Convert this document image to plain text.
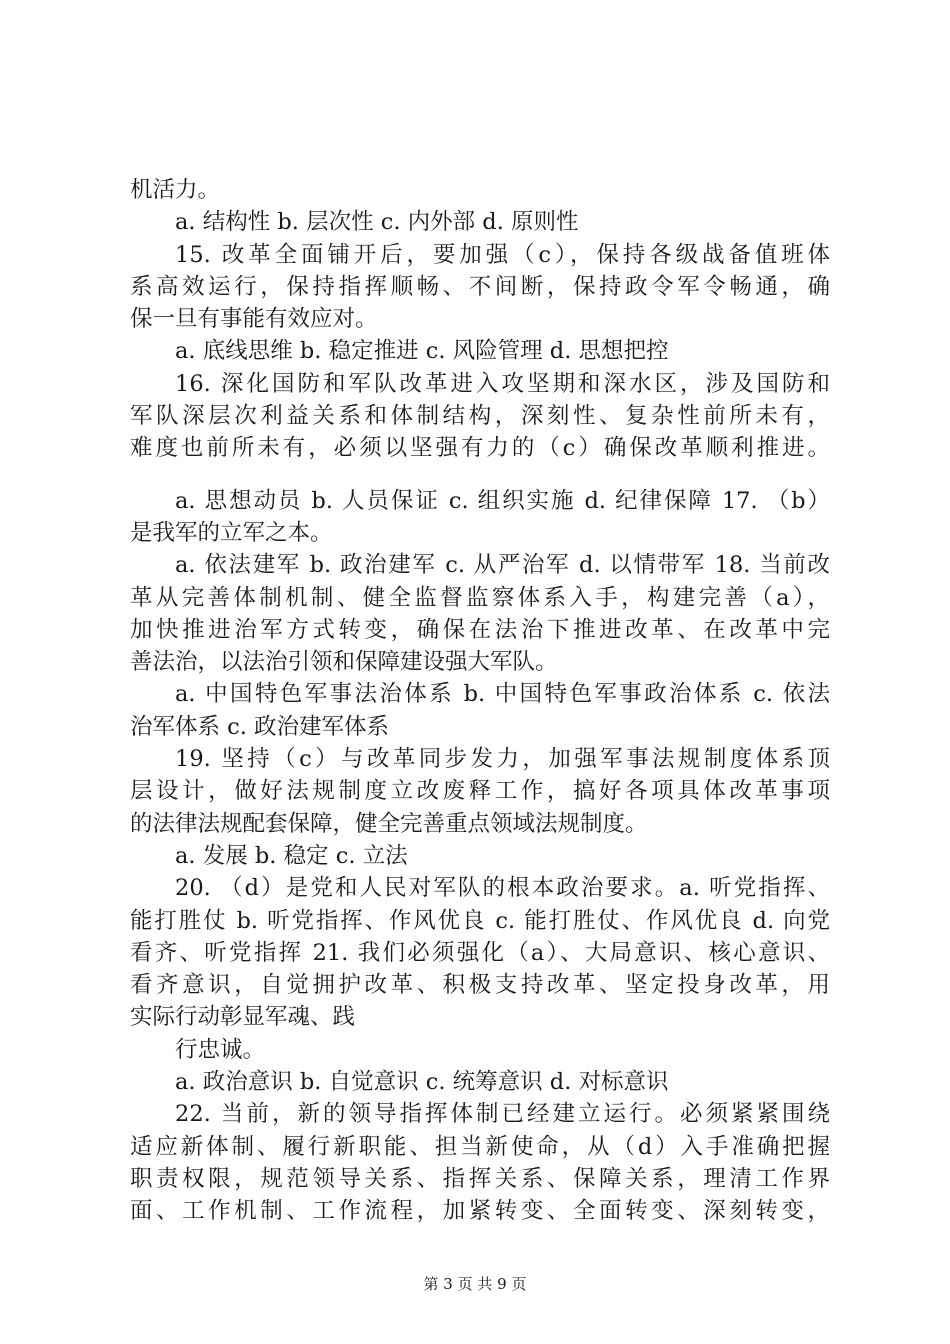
机活力。
a. 结构性 b. 层次性 c. 内外部 d. 原则性
15. 改革全面铺开后，要加强（c），保持各级战备值班体
系高效运行，保持指挥顺畅、不间断，保持政令军令畅通，确
保一旦有事能有效应对。
a. 底线思维 b. 稳定推进 c. 风险管理 d. 思想把控
16. 深化国防和军队改革进入攻坚期和深水区，涉及国防和
军队深层次利益关系和体制结构，深刻性、复杂性前所未有，
难度也前所未有，必须以坚强有力的（c）确保改革顺利推进。
a. 思想动员 b. 人员保证 c. 组织实施 d. 纪律保障 17. （b）
是我军的立军之本。
a. 依法建军 b. 政治建军 c. 从严治军 d. 以情带军 18. 当前改
革从完善体制机制、健全监督监察体系入手，构建完善（a），
加快推进治军方式转变，确保在法治下推进改革、在改革中完
善法治，以法治引领和保障建设强大军队。
a. 中国特色军事法治体系 b. 中国特色军事政治体系 c. 依法
治军体系 c. 政治建军体系
19. 坚持（c）与改革同步发力，加强军事法规制度体系顶
层设计，做好法规制度立改废释工作，搞好各项具体改革事项
的法律法规配套保障，健全完善重点领域法规制度。
a. 发展 b. 稳定 c. 立法
20. （d）是党和人民对军队的根本政治要求。a. 听党指挥、
能打胜仗 b. 听党指挥、作风优良 c. 能打胜仗、作风优良 d. 向党
看齐、听党指挥 21. 我们必须强化（a）、大局意识、核心意识、
看齐意识，自觉拥护改革、积极支持改革、坚定投身改革，用
实际行动彰显军魂、践
行忠诚。
a. 政治意识 b. 自觉意识 c. 统筹意识 d. 对标意识
22. 当前，新的领导指挥体制已经建立运行。必须紧紧围绕
适应新体制、履行新职能、担当新使命，从（d）入手准确把握
职责权限，规范领导关系、指挥关系、保障关系，理清工作界
面、工作机制、工作流程，加紧转变、全面转变、深刻转变，
第 3 页 共 9 页
